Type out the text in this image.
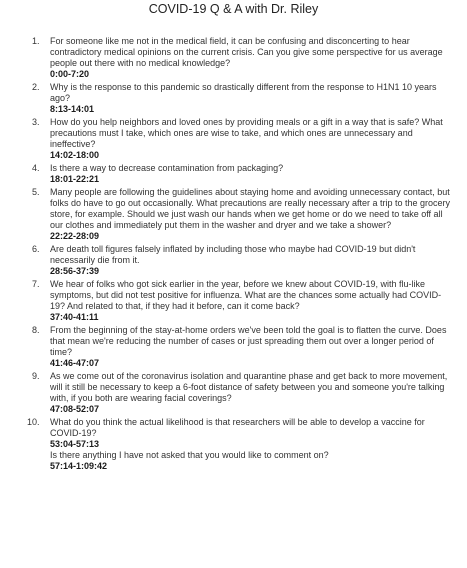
COVID-19 Q & A with Dr. Riley
1. For someone like me not in the medical field, it can be confusing and disconcerting to hear contradictory medical opinions on the current crisis. Can you give some perspective for us average people out there with no medical knowledge?

0:00-7:20

2. Why is the response to this pandemic so drastically different from the response to H1N1 10 years ago?

8:13-14:01

3. How do you help neighbors and loved ones by providing meals or a gift in a way that is safe? What precautions must I take, which ones are wise to take, and which ones are unnecessary and ineffective?

14:02-18:00

4. Is there a way to decrease contamination from packaging?

18:01-22:21

5. Many people are following the guidelines about staying home and avoiding unnecessary contact, but folks do have to go out occasionally. What precautions are really necessary after a trip to the grocery store, for example. Should we just wash our hands when we get home or do we need to take off all our clothes and immediately put them in the washer and dryer and we take a shower?

22:22-28:09

6. Are death toll figures falsely inflated by including those who maybe had COVID-19 but didn't necessarily die from it.

28:56-37:39

7. We hear of folks who got sick earlier in the year, before we knew about COVID-19, with flu-like symptoms, but did not test positive for influenza. What are the chances some actually had COVID-19? And related to that, if they had it before, can it come back?

37:40-41:11

8. From the beginning of the stay-at-home orders we've been told the goal is to flatten the curve. Does that mean we're reducing the number of cases or just spreading them out over a longer period of time?

41:46-47:07

9. As we come out of the coronavirus isolation and quarantine phase and get back to more movement, will it still be necessary to keep a 6-foot distance of safety between you and someone you're talking with, if you both are wearing facial coverings?

47:08-52:07

10. What do you think the actual likelihood is that researchers will be able to develop a vaccine for COVID-19?

53:04-57:13

Is there anything I have not asked that you would like to comment on?

57:14-1:09:42
